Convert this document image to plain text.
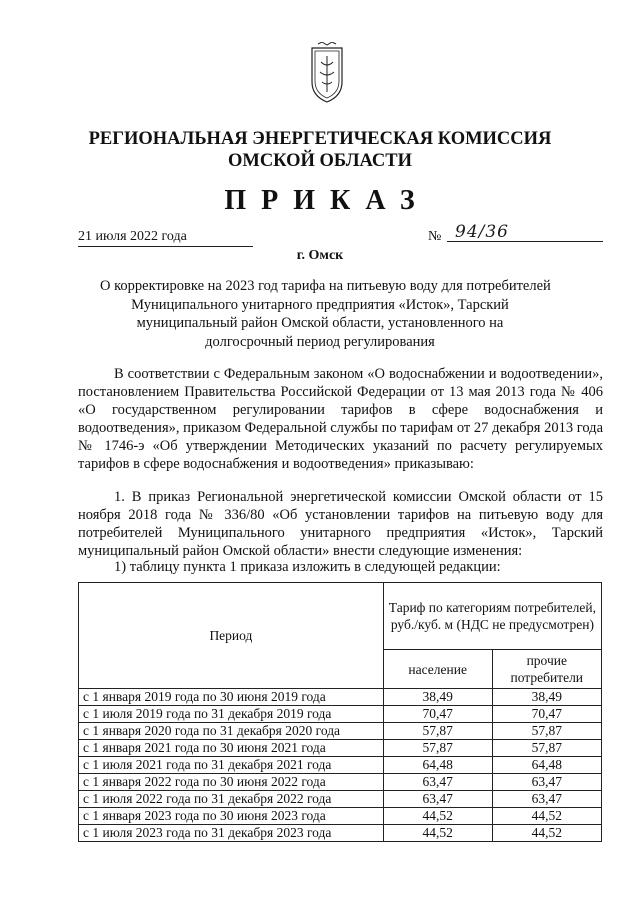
РЕГИОНАЛЬНАЯ ЭНЕРГЕТИЧЕСКАЯ КОМИССИЯ
ОМСКОЙ ОБЛАСТИ
ПРИКАЗ
21 июля 2022 года	№ 94/36
г. Омск
О корректировке на 2023 год тарифа на питьевую воду для потребителей
Муниципального унитарного предприятия «Исток», Тарский
муниципальный район Омской области, установленного на
долгосрочный период регулирования
В соответствии с Федеральным законом «О водоснабжении и водоотведении», постановлением Правительства Российской Федерации от 13 мая 2013 года № 406 «О государственном регулировании тарифов в сфере водоснабжения и водоотведения», приказом Федеральной службы по тарифам от 27 декабря 2013 года № 1746-э «Об утверждении Методических указаний по расчету регулируемых тарифов в сфере водоснабжения и водоотведения» приказываю:
1. В приказ Региональной энергетической комиссии Омской области от 15 ноября 2018 года № 336/80 «Об установлении тарифов на питьевую воду для потребителей Муниципального унитарного предприятия «Исток», Тарский муниципальный район Омской области» внести следующие изменения:
1) таблицу пункта 1 приказа изложить в следующей редакции:
Период	Тариф по категориям потребителей, руб./куб. м (НДС не предусмотрен)	
	население	прочие потребители
с 1 января 2019 года по 30 июня 2019 года	38,49	38,49
с 1 июля 2019 года по 31 декабря 2019 года	70,47	70,47
с 1 января 2020 года по 31 декабря 2020 года	57,87	57,87
с 1 января 2021 года по 30 июня 2021 года	57,87	57,87
с 1 июля 2021 года по 31 декабря 2021 года	64,48	64,48
с 1 января 2022 года по 30 июня 2022 года	63,47	63,47
с 1 июля 2022 года по 31 декабря 2022 года	63,47	63,47
с 1 января 2023 года по 30 июня 2023 года	44,52	44,52
с 1 июля 2023 года по 31 декабря 2023 года	44,52	44,52
